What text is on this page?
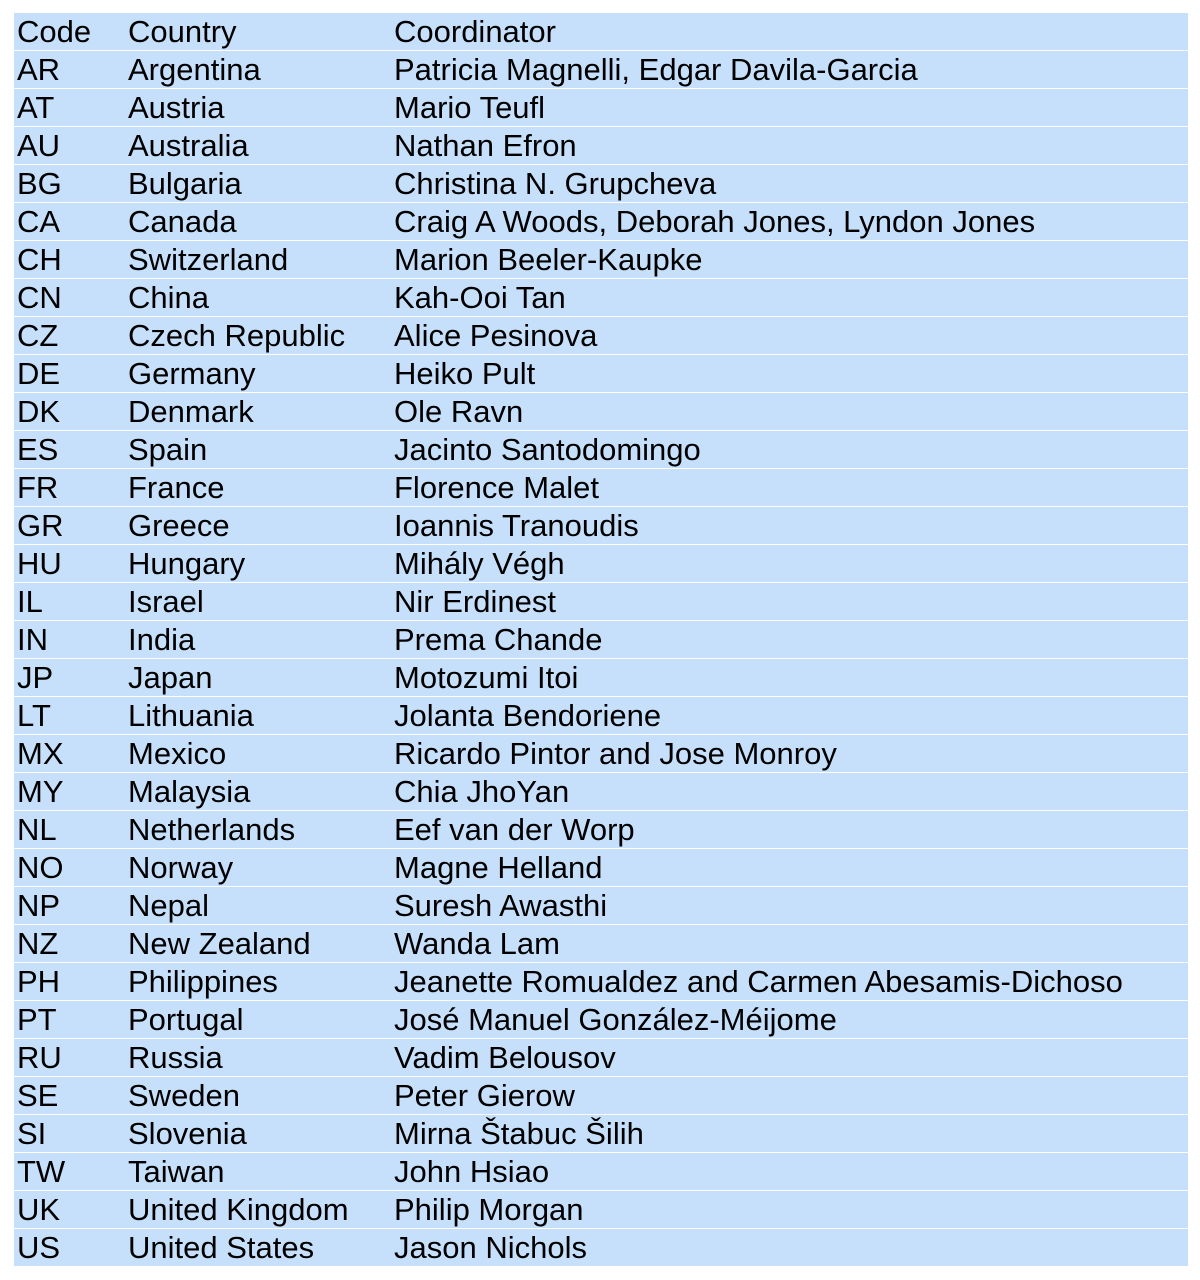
Code	Country	Coordinator
AR	Argentina	Patricia Magnelli, Edgar Davila-Garcia
AT	Austria	Mario Teufl
AU	Australia	Nathan Efron
BG	Bulgaria	Christina N. Grupcheva
CA	Canada	Craig A Woods, Deborah Jones, Lyndon Jones
CH	Switzerland	Marion Beeler-Kaupke
CN	China	Kah-Ooi Tan
CZ	Czech Republic	Alice Pesinova
DE	Germany	Heiko Pult
DK	Denmark	Ole Ravn
ES	Spain	Jacinto Santodomingo
FR	France	Florence Malet
GR	Greece	Ioannis Tranoudis
HU	Hungary	Mihály Végh
IL	Israel	Nir Erdinest
IN	India	Prema Chande
JP	Japan	Motozumi Itoi
LT	Lithuania	Jolanta Bendoriene
MX	Mexico	Ricardo Pintor and Jose Monroy
MY	Malaysia	Chia JhoYan
NL	Netherlands	Eef van der Worp
NO	Norway	Magne Helland
NP	Nepal	Suresh Awasthi
NZ	New Zealand	Wanda Lam
PH	Philippines	Jeanette Romualdez and Carmen Abesamis-Dichoso
PT	Portugal	José Manuel González-Méijome
RU	Russia	Vadim Belousov
SE	Sweden	Peter Gierow
SI	Slovenia	Mirna Štabuc Šilih
TW	Taiwan	John Hsiao
UK	United Kingdom	Philip Morgan
US	United States	Jason Nichols
